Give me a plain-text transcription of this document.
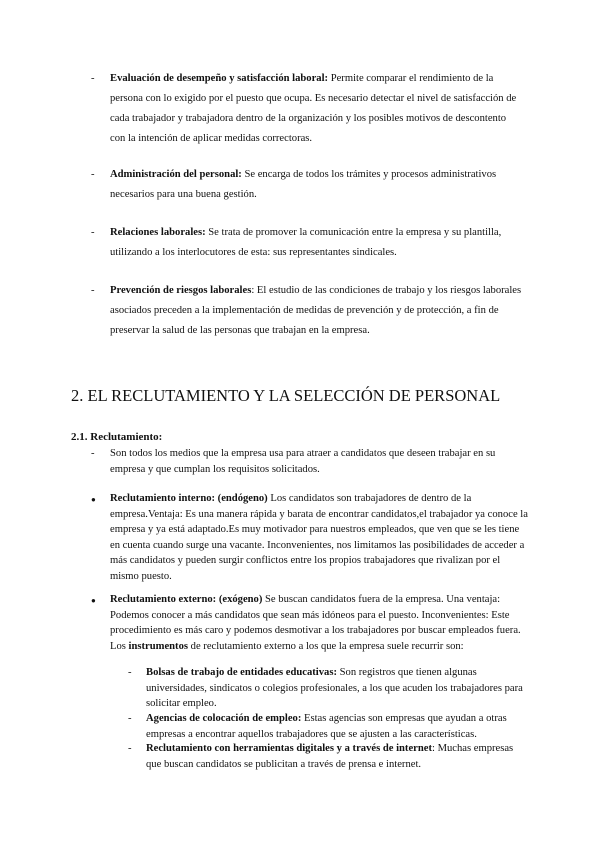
- Evaluación de desempeño y satisfacción laboral: Permite comparar el rendimiento de la persona con lo exigido por el puesto que ocupa. Es necesario detectar el nivel de satisfacción de cada trabajador y trabajadora dentro de la organización y los posibles motivos de descontento con la intención de aplicar medidas correctoras.
- Administración del personal: Se encarga de todos los trámites y procesos administrativos necesarios para una buena gestión.
- Relaciones laborales: Se trata de promover la comunicación entre la empresa y su plantilla, utilizando a los interlocutores de esta: sus representantes sindicales.
- Prevención de riesgos laborales: El estudio de las condiciones de trabajo y los riesgos laborales asociados preceden a la implementación de medidas de prevención y de protección, a fin de preservar la salud de las personas que trabajan en la empresa.
2. EL RECLUTAMIENTO Y LA SELECCIÓN DE PERSONAL
2.1. Reclutamiento:
- Son todos los medios que la empresa usa para atraer a candidatos que deseen trabajar en su empresa y que cumplan los requisitos solicitados.
● Reclutamiento interno: (endógeno) Los candidatos son trabajadores de dentro de la empresa.Ventaja: Es una manera rápida y barata de encontrar candidatos,el trabajador ya conoce la empresa y ya está adaptado.Es muy motivador para nuestros empleados, que ven que se les tiene en cuenta cuando surge una vacante. Inconvenientes, nos limitamos las posibilidades de acceder a más candidatos y pueden surgir conflictos entre los propios trabajadores que rivalizan por el mismo puesto.
● Reclutamiento externo: (exógeno) Se buscan candidatos fuera de la empresa. Una ventaja: Podemos conocer a más candidatos que sean más idóneos para el puesto. Inconvenientes: Este procedimiento es más caro y podemos desmotivar a los trabajadores por buscar empleados fuera. Los instrumentos de reclutamiento externo a los que la empresa suele recurrir son:
- Bolsas de trabajo de entidades educativas: Son registros que tienen algunas universidades, sindicatos o colegios profesionales, a los que acuden los trabajadores para solicitar empleo.
- Agencias de colocación de empleo: Estas agencias son empresas que ayudan a otras empresas a encontrar aquellos trabajadores que se ajusten a las características.
- Reclutamiento con herramientas digitales y a través de internet: Muchas empresas que buscan candidatos se publicitan a través de prensa e internet.
